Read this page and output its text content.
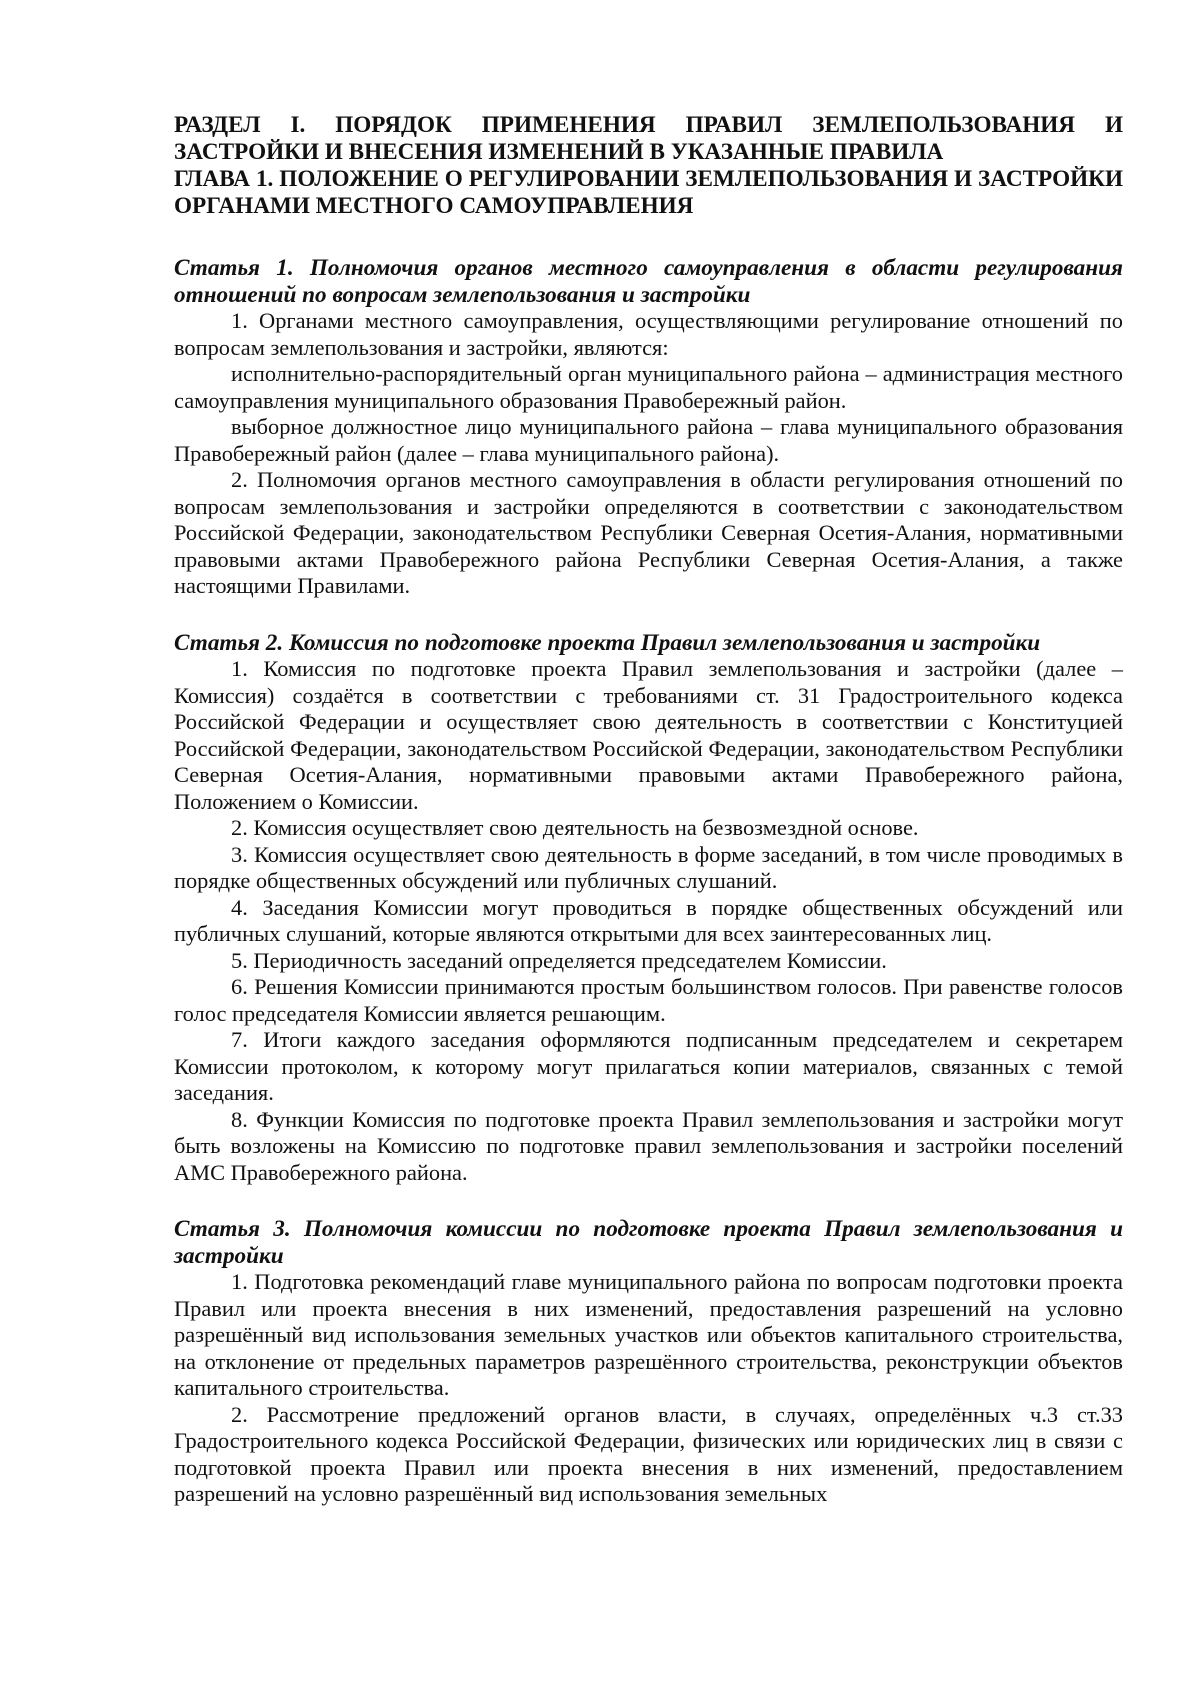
РАЗДЕЛ I. ПОРЯДОК ПРИМЕНЕНИЯ ПРАВИЛ ЗЕМЛЕПОЛЬЗОВАНИЯ И ЗАСТРОЙКИ И ВНЕСЕНИЯ ИЗМЕНЕНИЙ В УКАЗАННЫЕ ПРАВИЛА

ГЛАВА 1. ПОЛОЖЕНИЕ О РЕГУЛИРОВАНИИ ЗЕМЛЕПОЛЬЗОВАНИЯ И ЗАСТРОЙКИ ОРГАНАМИ МЕСТНОГО САМОУПРАВЛЕНИЯ

Статья 1. Полномочия органов местного самоуправления в области регулирования отношений по вопросам землепользования и застройки

1. Органами местного самоуправления, осуществляющими регулирование отношений по вопросам землепользования и застройки, являются:

исполнительно-распорядительный орган муниципального района – администрация местного самоуправления муниципального образования Правобережный район.

выборное должностное лицо муниципального района – глава муниципального образования Правобережный район (далее – глава муниципального района).

2. Полномочия органов местного самоуправления в области регулирования отношений по вопросам землепользования и застройки определяются в соответствии с законодательством Российской Федерации, законодательством Республики Северная Осетия-Алания, нормативными правовыми актами Правобережного района Республики Северная Осетия-Алания, а также настоящими Правилами.

Статья 2. Комиссия по подготовке проекта Правил землепользования и застройки

1. Комиссия по подготовке проекта Правил землепользования и застройки (далее – Комиссия) создаётся в соответствии с требованиями ст. 31 Градостроительного кодекса Российской Федерации и осуществляет свою деятельность в соответствии с Конституцией Российской Федерации, законодательством Российской Федерации, законодательством Республики Северная Осетия-Алания, нормативными правовыми актами Правобережного района, Положением о Комиссии.

2. Комиссия осуществляет свою деятельность на безвозмездной основе.

3. Комиссия осуществляет свою деятельность в форме заседаний, в том числе проводимых в порядке общественных обсуждений или публичных слушаний.

4. Заседания Комиссии могут проводиться в порядке общественных обсуждений или публичных слушаний, которые являются открытыми для всех заинтересованных лиц.

5. Периодичность заседаний определяется председателем Комиссии.

6. Решения Комиссии принимаются простым большинством голосов. При равенстве голосов голос председателя Комиссии является решающим.

7. Итоги каждого заседания оформляются подписанным председателем и секретарем Комиссии протоколом, к которому могут прилагаться копии материалов, связанных с темой заседания.

8. Функции Комиссия по подготовке проекта Правил землепользования и застройки могут быть возложены на Комиссию по подготовке правил землепользования и застройки поселений АМС Правобережного района.

Статья 3. Полномочия комиссии по подготовке проекта Правил землепользования и застройки

1. Подготовка рекомендаций главе муниципального района по вопросам подготовки проекта Правил или проекта внесения в них изменений, предоставления разрешений на условно разрешённый вид использования земельных участков или объектов капитального строительства, на отклонение от предельных параметров разрешённого строительства, реконструкции объектов капитального строительства.

2. Рассмотрение предложений органов власти, в случаях, определённых ч.3 ст.33 Градостроительного кодекса Российской Федерации, физических или юридических лиц в связи с подготовкой проекта Правил или проекта внесения в них изменений, предоставлением разрешений на условно разрешённый вид использования земельных
